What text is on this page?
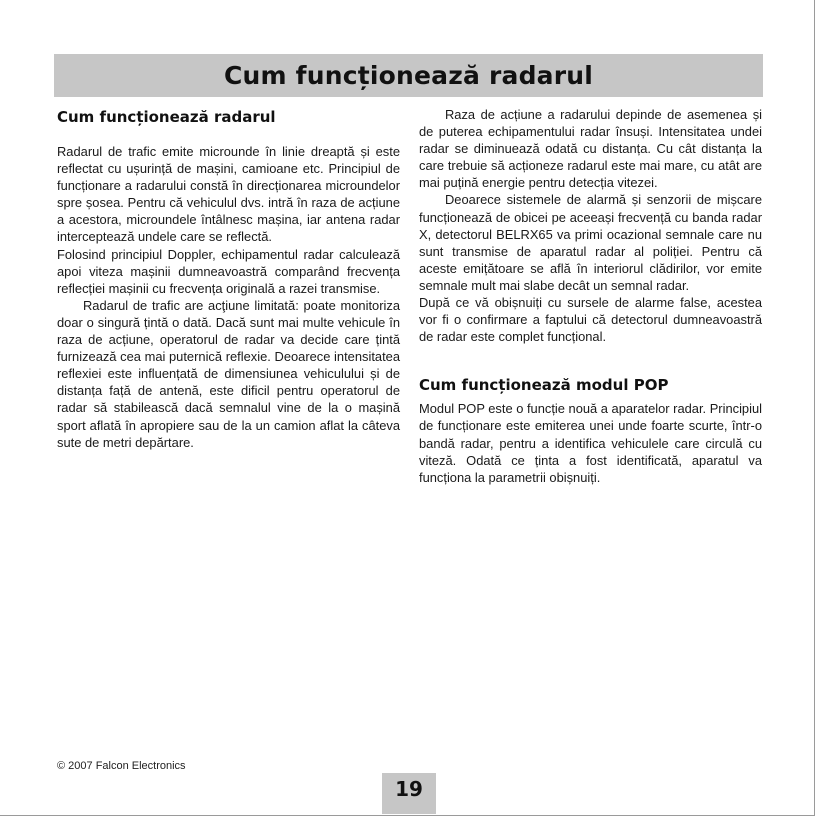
Cum funcționează radarul
Cum funcționează radarul

Radarul de trafic emite microunde în linie dreaptă și este reflectat cu ușurință de mașini, camioane etc. Principiul de funcționare a radarului constă în direcționarea microundelor spre șosea. Pentru că vehiculul dvs. intră în raza de acțiune a acestora, microundele întâlnesc mașina, iar antena radar interceptează undele care se reflectă.

Folosind principiul Doppler, echipamentul radar calculează apoi viteza mașinii dumneavoastră comparând frecvența reflecției mașinii cu frecvența originală a razei transmise.

Radarul de trafic are acţiune limitată: poate monitoriza doar o singură țintă o dată. Dacă sunt mai multe vehicule în raza de acțiune, operatorul de radar va decide care țintă furnizează cea mai puternică reflexie. Deoarece intensitatea reflexiei este influențată de dimensiunea vehiculului și de distanța față de antenă, este dificil pentru operatorul de radar să stabilească dacă semnalul vine de la o mașină sport aflată în apropiere sau de la un camion aflat la câteva sute de metri depărtare.

Raza de acțiune a radarului depinde de asemenea și de puterea echipamentului radar însuși. Intensitatea undei radar se diminuează odată cu distanța. Cu cât distanța la care trebuie să acționeze radarul este mai mare, cu atât are mai puțină energie pentru detecția vitezei.

Deoarece sistemele de alarmă și senzorii de mișcare funcționează de obicei pe aceeași frecvență cu banda radar X, detectorul BELRX65 va primi ocazional semnale care nu sunt transmise de aparatul radar al poliției. Pentru că aceste emițătoare se află în interiorul clădirilor, vor emite semnale mult mai slabe decât un semnal radar.

După ce vă obișnuiți cu sursele de alarme false, acestea vor fi o confirmare a faptului că detectorul dumneavoastră de radar este complet funcțional.

Cum funcționează modul POP

Modul POP este o funcție nouă a aparatelor radar. Principiul de funcționare este emiterea unei unde foarte scurte, într-o bandă radar, pentru a identifica vehiculele care circulă cu viteză. Odată ce ținta a fost identificată, aparatul va funcționa la parametrii obișnuiți.

© 2007 Falcon Electronics
19
